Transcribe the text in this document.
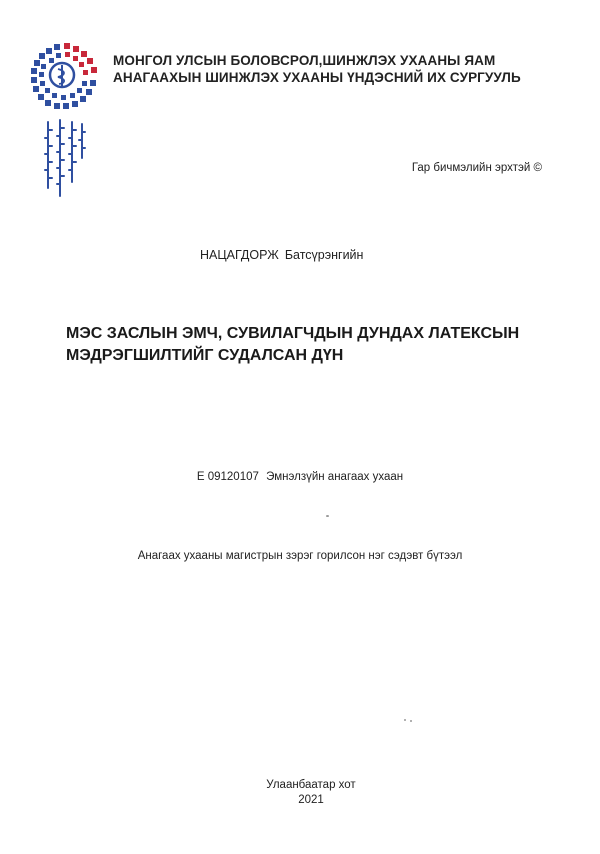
МОНГОЛ УЛСЫН БОЛОВСРОЛ,ШИНЖЛЭХ УХААНЫ ЯАМ
АНАГААХЫН ШИНЖЛЭХ УХААНЫ ҮНДЭСНИЙ ИХ СУРГУУЛЬ
Гар бичмэлийн эрхтэй ©
НАЦАГДОРЖ Батсүрэнгийн
МЭС ЗАСЛЫН ЭМЧ, СУВИЛАГЧДЫН ДУНДАХ ЛАТЕКСЫН
МЭДРЭГШИЛТИЙГ СУДАЛСАН ДҮН
E 09120107 Эмнэлзүйн анагаах ухаан
Анагаах ухааны магистрын зэрэг горилсон нэг сэдэвт бүтээл
Улаанбаатар хот
2021
